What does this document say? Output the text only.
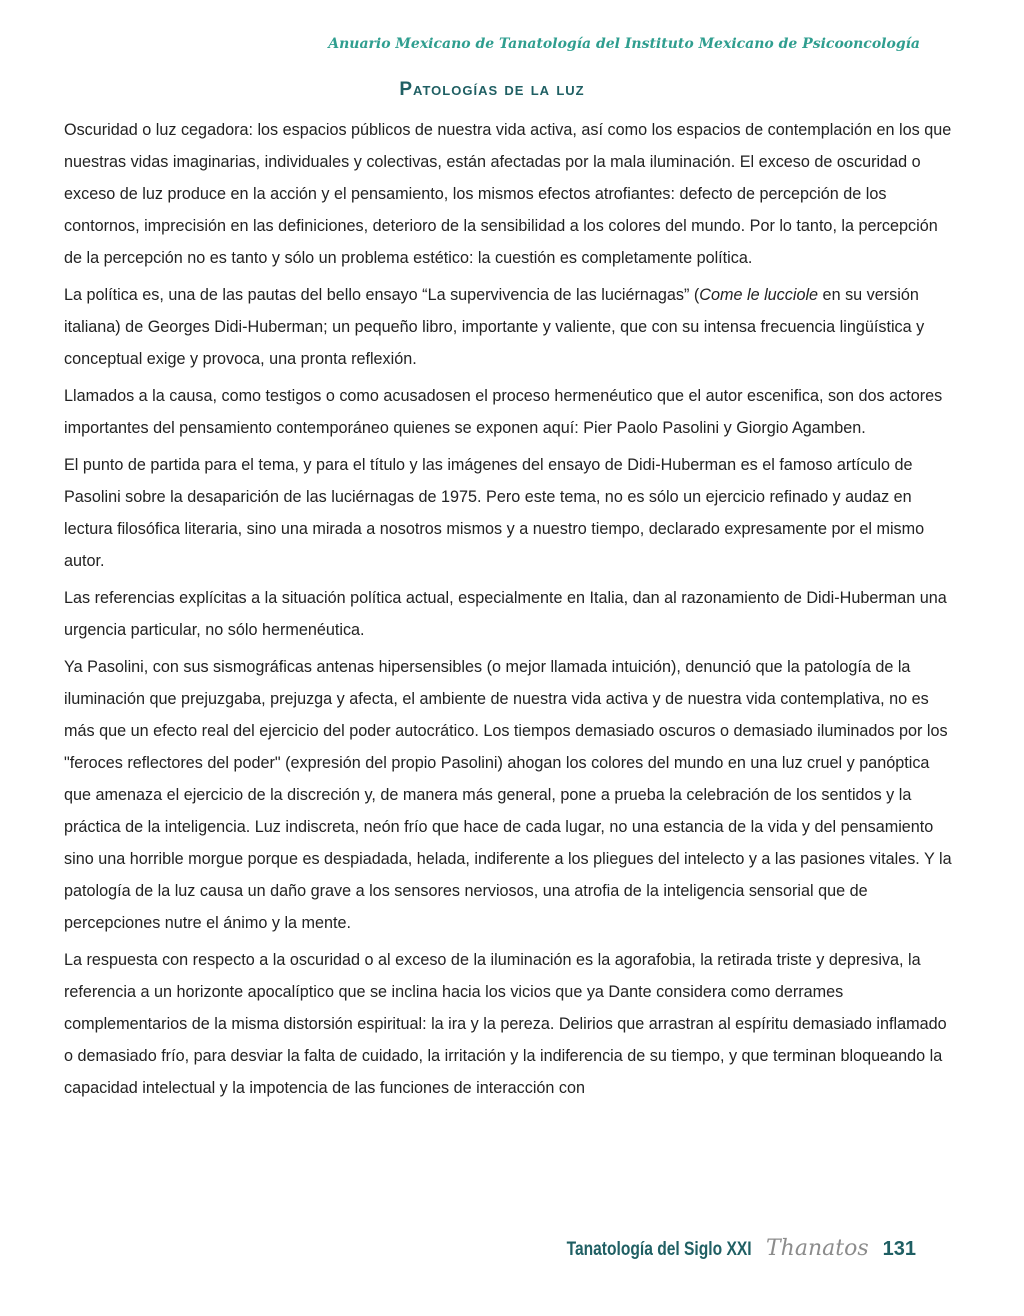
Anuario Mexicano de Tanatología del Instituto Mexicano de Psicooncología
Patologías de la luz

Oscuridad o luz cegadora: los espacios públicos de nuestra vida activa, así como los espacios de contemplación en los que nuestras vidas imaginarias, individuales y colectivas, están afectadas por la mala iluminación. El exceso de oscuridad o exceso de luz produce en la acción y el pensamiento, los mismos efectos atrofiantes: defecto de percepción de los contornos, imprecisión en las definiciones, deterioro de la sensibilidad a los colores del mundo. Por lo tanto, la percepción de la percepción no es tanto y sólo un problema estético: la cuestión es completamente política.

La política es, una de las pautas del bello ensayo “La supervivencia de las luciérnagas” (Come le lucciole en su versión italiana) de Georges Didi-Huberman; un pequeño libro, importante y valiente, que con su intensa frecuencia lingüística y conceptual exige y provoca, una pronta reflexión.

Llamados a la causa, como testigos o como acusadosen el proceso hermenéutico que el autor escenifica, son dos actores importantes del pensamiento contemporáneo quienes se exponen aquí: Pier Paolo Pasolini y Giorgio Agamben.

El punto de partida para el tema, y para el título y las imágenes del ensayo de Didi-Huberman es el famoso artículo de Pasolini sobre la desaparición de las luciérnagas de 1975. Pero este tema, no es sólo un ejercicio refinado y audaz en lectura filosófica literaria, sino una mirada a nosotros mismos y a nuestro tiempo, declarado expresamente por el mismo autor.

Las referencias explícitas a la situación política actual, especialmente en Italia, dan al razonamiento de Didi-Huberman una urgencia particular, no sólo hermenéutica.

Ya Pasolini, con sus sismográficas antenas hipersensibles (o mejor llamada intuición), denunció que la patología de la iluminación que prejuzgaba, prejuzga y afecta, el ambiente de nuestra vida activa y de nuestra vida contemplativa, no es más que un efecto real del ejercicio del poder autocrático. Los tiempos demasiado oscuros o demasiado iluminados por los "feroces reflectores del poder" (expresión del propio Pasolini) ahogan los colores del mundo en una luz cruel y panóptica que amenaza el ejercicio de la discreción y, de manera más general, pone a prueba la celebración de los sentidos y la práctica de la inteligencia. Luz indiscreta, neón frío que hace de cada lugar, no una estancia de la vida y del pensamiento sino una horrible morgue porque es despiadada, helada, indiferente a los pliegues del intelecto y a las pasiones vitales. Y la patología de la luz causa un daño grave a los sensores nerviosos, una atrofia de la inteligencia sensorial que de percepciones nutre el ánimo y la mente.

La respuesta con respecto a la oscuridad o al exceso de la iluminación es la agorafobia, la retirada triste y depresiva, la referencia a un horizonte apocalíptico que se inclina hacia los vicios que ya Dante considera como derrames complementarios de la misma distorsión espiritual: la ira y la pereza. Delirios que arrastran al espíritu demasiado inflamado o demasiado frío, para desviar la falta de cuidado, la irritación y la indiferencia de su tiempo, y que terminan bloqueando la capacidad intelectual y la impotencia de las funciones de interacción con

Tanatología del Siglo XXI Thanatos 131
